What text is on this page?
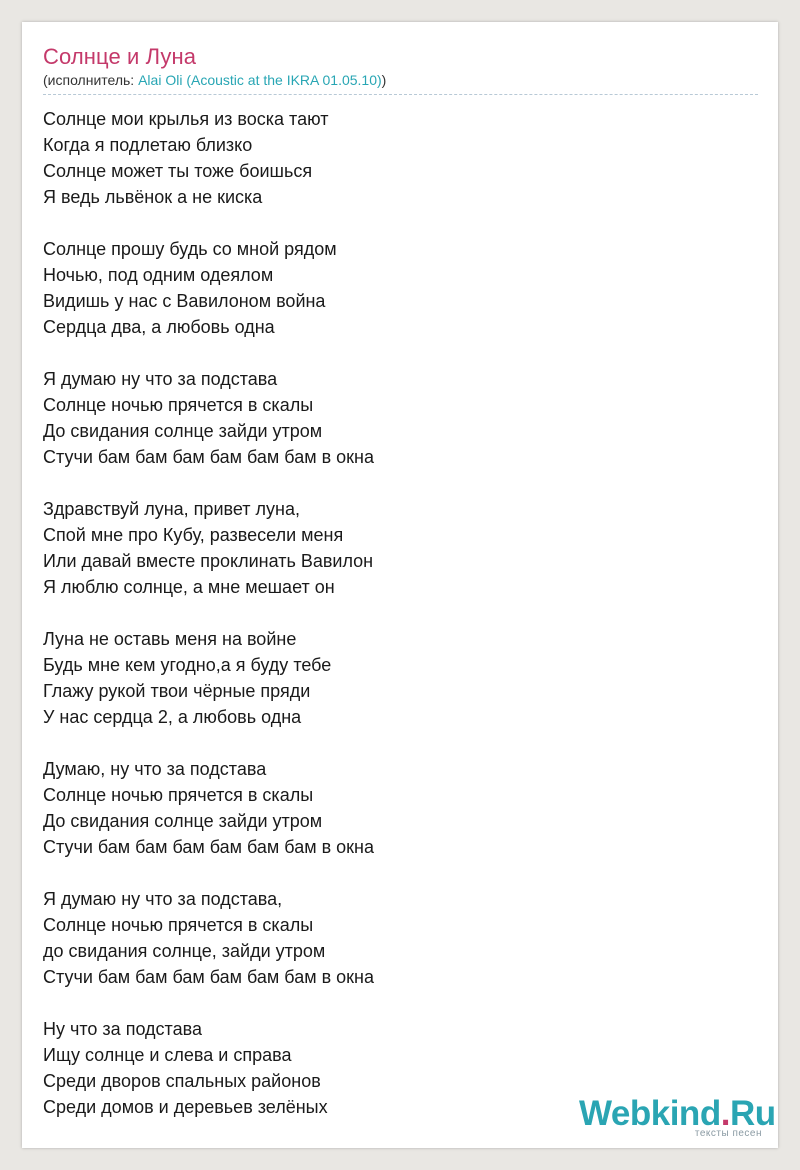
Солнце и Луна
(исполнитель: Alai Oli (Acoustic at the IKRA 01.05.10))
Солнце мои крылья из воска тают
Когда я подлетаю близко
Солнце может ты тоже боишься
Я ведь львёнок а не киска
Солнце прошу будь со мной рядом
Ночью, под одним одеялом
Видишь у нас с Вавилоном война
Сердца два, а любовь одна
Я думаю ну что за подстава
Солнце ночью прячется в скалы
До свидания солнце зайди утром
Стучи бам бам бам бам бам бам в окна
Здравствуй луна, привет луна,
Спой мне про Кубу, развесели меня
Или давай вместе проклинать Вавилон
Я люблю солнце, а мне мешает он
Луна не оставь меня на войне
Будь мне кем угодно,а я буду тебе
Глажу рукой твои чёрные пряди
У нас сердца 2, а любовь одна
Думаю, ну что за подстава
Солнце ночью прячется в скалы
До свидания солнце зайди утром
Стучи бам бам бам бам бам бам в окна
Я думаю ну что за подстава,
Солнце ночью прячется в скалы
до свидания солнце, зайди утром
Стучи бам бам бам бам бам бам в окна
Ну что за подстава
Ищу солнце и слева и справа
Среди дворов спальных районов
Среди домов и деревьев зелёных	Webkind.Ru
тексты песен
